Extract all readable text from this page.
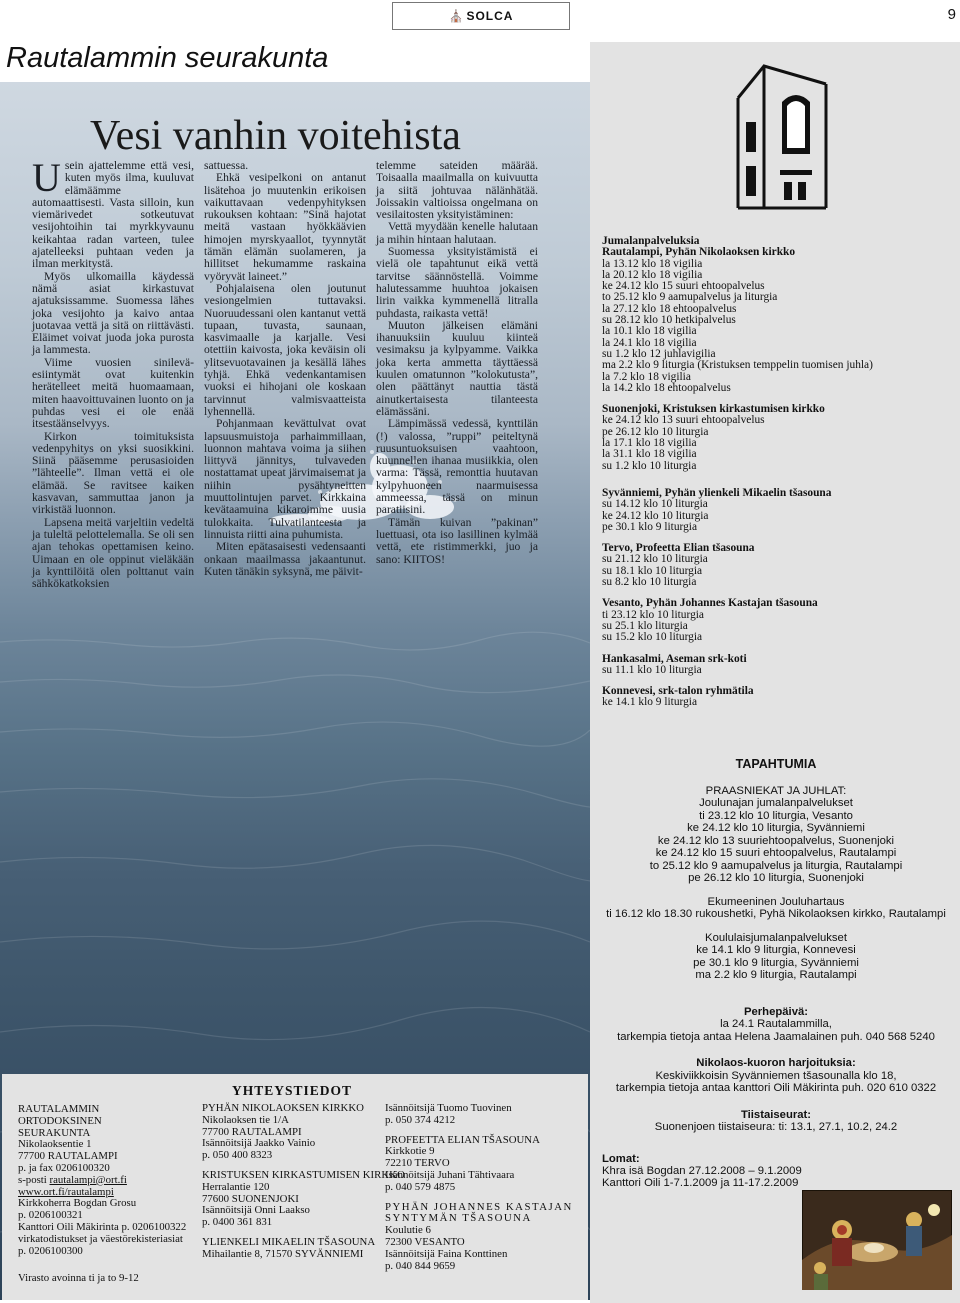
⛪ SOLCA	9
Rautalammin seurakunta
Vesi vanhin voitehista

Usein ajattelemme että vesi, kuten myös ilma, kuuluvat elämäämme automaattisesti. Vasta silloin, kun viemärivedet sotkeutuvat vesijohtoihin tai myrkkyvaunu keikahtaa radan varteen, tulee ajatelleeksi puhtaan veden ja ilman merkitystä.

Myös ulkomailla käydessä nämä asiat kirkastuvat ajatuksissamme. Suomessa lähes joka vesijohto ja kaivo antaa juotavaa vettä ja sitä on riittävästi. Eläimet voivat juoda joka purosta ja lammesta.

Viime vuosien sinileväesiintymät ovat kuitenkin herätelleet meitä huomaamaan, miten haavoittuvainen luonto on ja puhdas vesi ei ole enää itsestäänselvyys.

Kirkon toimituksista vedenpyhitys on yksi suosikkini. Siinä pääsemme perusasioiden ”lähteelle”. Ilman vettä ei ole elämää. Se ravitsee kaiken kasvavan, sammuttaa janon ja virkistää luonnon.

Lapsena meitä varjeltiin vedeltä ja tuleltä pelottelemalla. Se oli sen ajan tehokas opettamisen keino. Uimaan en ole oppinut vieläkään ja kynttilöitä olen polttanut vain sähkökatkoksien

sattuessa.

Ehkä vesipelkoni on antanut lisätehoa jo muutenkin erikoisen vaikuttavaan vedenpyhityksen rukouksen kohtaan: ”Sinä hajotat meitä vastaan hyökkäävien himojen myrskyaallot, tyynnytät tämän elämän suolameren, ja hillitset hekumamme raskaina vyöryvät laineet.”

Pohjalaisena olen joutunut vesiongelmien tuttavaksi. Nuoruudessani olen kantanut vettä tupaan, tuvasta, saunaan, kasvimaalle ja karjalle. Vesi otettiin kaivosta, joka keväisin oli ylitsevuotavainen ja kesällä lähes tyhjä. Ehkä vedenkantamisen vuoksi ei hihojani ole koskaan tarvinnut valmisvaatteista lyhennellä.

Pohjanmaan kevättulvat ovat lapsuusmuistoja parhaimmillaan, luonnon mahtava voima ja siihen liittyvä jännitys, tulvaveden nostattamat upeat järvimaisemat ja niihin pysähtyneitten muuttolintujen parvet. Kirkkaina kevätaamuina kikaroimme uusia tulokkaita. Tulvatilanteesta ja linnuista riitti aina puhumista.

Miten epätasaisesti vedensaanti onkaan maailmassa jakaantunut. Kuten tänäkin syksynä, me päivit-

telemme sateiden määrää. Toisaalla maailmalla on kuivuutta ja siitä johtuvaa nälänhätää. Joissakin valtioissa ongelmana on vesilaitosten yksityistäminen:

Vettä myydään kenelle halutaan ja mihin hintaan halutaan.

Suomessa yksityistämistä ei vielä ole tapahtunut eikä vettä tarvitse säännöstellä. Voimme halutessamme huuhtoa jokaisen lirin vaikka kymmenellä litralla puhdasta, raikasta vettä!

Muuton jälkeisen elämäni ihanuuksiin kuuluu kiinteä vesimaksu ja kylpyamme. Vaikka joka kerta ammetta täyttäessä kuulen omatunnon ”kolokutusta”, olen päättänyt nauttia tästä ainutkertaisesta tilanteesta elämässäni.

Lämpimässä vedessä, kynttilän (!) valossa, ”ruppi” peiteltynä ruusuntuoksuisen vaahtoon, kuunnellen ihanaa musiikkia, olen varma: Tässä, remonttia huutavan kylpyhuoneen naarmuisessa ammeessa, tässä on minun paratiisini.

Tämän kuivan ”pakinan” luettuasi, ota iso lasillinen kylmää vettä, ete ristimmerkki, juo ja sano: KIITOS!

Jumalanpalveluksia
Rautalampi, Pyhän Nikolaoksen kirkko
la 13.12 klo 18 vigilia
la 20.12 klo 18 vigilia
ke 24.12 klo 15 suuri ehtoopalvelus
to 25.12 klo 9 aamupalvelus ja liturgia
la 27.12 klo 18 ehtoopalvelus
su 28.12 klo 10 hetkipalvelus
la 10.1 klo 18 vigilia
la 24.1 klo 18 vigilia
su 1.2 klo 12 juhlavigilia
ma 2.2 klo 9 liturgia (Kristuksen temppelin tuomisen juhla)
la 7.2 klo 18 vigilia
la 14.2 klo 18 ehtoopalvelus
Suonenjoki, Kristuksen kirkastumisen kirkko
ke 24.12 klo 13 suuri ehtoopalvelus
pe 26.12 klo 10 liturgia
la 17.1 klo 18 vigilia
la 31.1 klo 18 vigilia
su 1.2 klo 10 liturgia
Syvänniemi, Pyhän ylienkeli Mikaelin tšasouna
su 14.12 klo 10 liturgia
ke 24.12 klo 10 liturgia
pe 30.1 klo 9 liturgia
Tervo, Profeetta Elian tšasouna
su 21.12 klo 10 liturgia
su 18.1 klo 10 liturgia
su 8.2 klo 10 liturgia
Vesanto, Pyhän Johannes Kastajan tšasouna
ti 23.12 klo 10 liturgia
su 25.1 klo liturgia
su 15.2 klo 10 liturgia
Hankasalmi, Aseman srk-koti
su 11.1 klo 10 liturgia
Konnevesi, srk-talon ryhmätila
ke 14.1 klo 9 liturgia
TAPAHTUMIA
PRAASNIEKAT JA JUHLAT:
Joulunajan jumalanpalvelukset
ti 23.12 klo 10 liturgia, Vesanto
ke 24.12 klo 10 liturgia, Syvänniemi
ke 24.12 klo 13 suuriehtoopalvelus, Suonenjoki
ke 24.12 klo 15 suuri ehtoopalvelus, Rautalampi
to 25.12 klo 9 aamupalvelus ja liturgia, Rautalampi
pe 26.12 klo 10 liturgia, Suonenjoki
Ekumeeninen Jouluhartaus
ti 16.12 klo 18.30 rukoushetki, Pyhä Nikolaoksen kirkko, Rautalampi
Koululaisjumalanpalvelukset
ke 14.1 klo 9 liturgia, Konnevesi
pe 30.1 klo 9 liturgia, Syvänniemi
ma 2.2 klo 9 liturgia, Rautalampi
Perhepäivä:
la 24.1 Rautalammilla,
tarkempia tietoja antaa Helena Jaamalainen puh. 040 568 5240
Nikolaos-kuoron harjoituksia:
Keskiviikkoisin Syvänniemen tšasounalla klo 18,
tarkempia tietoja antaa kanttori Oili Mäkirinta puh. 020 610 0322
Tiistaiseurat:
Suonenjoen tiistaiseura: ti: 13.1, 27.1, 10.2, 24.2
Lomat:
Khra isä Bogdan 27.12.2008 – 9.1.2009
Kanttori Oili 1-7.1.2009 ja 11-17.2.2009
YHTEYSTIEDOT
RAUTALAMMIN
ORTODOKSINEN
SEURAKUNTA
Nikolaoksentie 1
77700 RAUTALAMPI
p. ja fax 0206100320
s-posti rautalampi@ort.fi
www.ort.fi/rautalampi
Kirkkoherra Bogdan Grosu
p. 0206100321
Kanttori Oili Mäkirinta p. 0206100322
virkatodistukset ja väestörekisteriasiat
p. 0206100300
Virasto avoinna ti ja to 9-12
PYHÄN NIKOLAOKSEN KIRKKO
Nikolaoksen tie 1/A
77700 RAUTALAMPI
Isännöitsijä Jaakko Vainio
p. 050 400 8323
KRISTUKSEN KIRKASTUMISEN KIRKKO
Herralantie 120
77600 SUONENJOKI
Isännöitsijä Onni Laakso
p. 0400 361 831
YLIENKELI MIKAELIN TŠASOUNA
Mihailantie 8, 71570 SYVÄNNIEMI
Isännöitsijä Tuomo Tuovinen
p. 050 374 4212
PROFEETTA ELIAN TŠASOUNA
Kirkkotie 9
72210 TERVO
Isännöitsijä Juhani Tähtivaara
p. 040 579 4875
PYHÄN JOHANNES KASTAJAN
SYNTYMÄN TŠASOUNA
Koulutie 6
72300 VESANTO
Isännöitsijä Faina Konttinen
p. 040 844 9659
